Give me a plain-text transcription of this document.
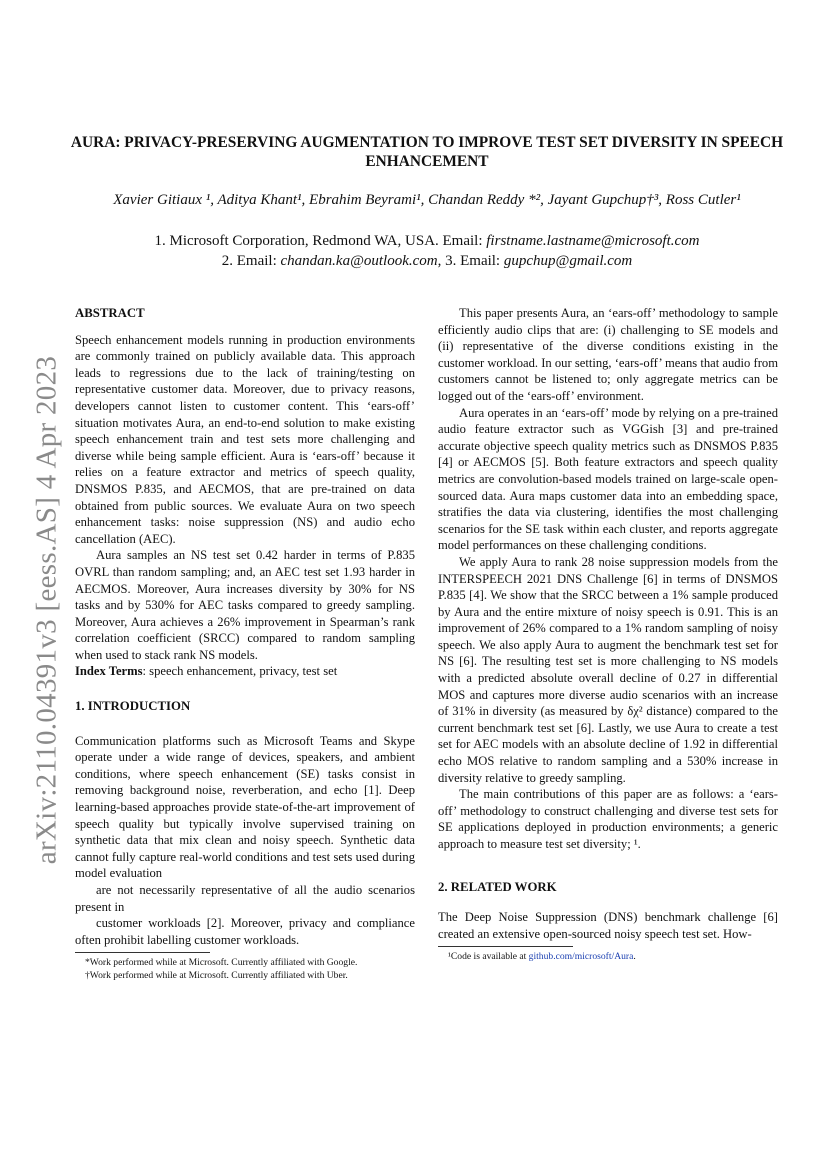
arXiv:2110.04391v3 [eess.AS] 4 Apr 2023
AURA: PRIVACY-PRESERVING AUGMENTATION TO IMPROVE TEST SET DIVERSITY IN SPEECH ENHANCEMENT
Xavier Gitiaux ¹, Aditya Khant¹, Ebrahim Beyrami¹, Chandan Reddy *², Jayant Gupchup†³, Ross Cutler¹
1. Microsoft Corporation, Redmond WA, USA. Email: firstname.lastname@microsoft.com
2. Email: chandan.ka@outlook.com, 3. Email: gupchup@gmail.com

ABSTRACT

Speech enhancement models running in production environments are commonly trained on publicly available data. This approach leads to regressions due to the lack of training/testing on representative customer data. Moreover, due to privacy reasons, developers cannot listen to customer content. This ‘ears-off’ situation motivates Aura, an end-to-end solution to make existing speech enhancement train and test sets more challenging and diverse while being sample efficient. Aura is ‘ears-off’ because it relies on a feature extractor and metrics of speech quality, DNSMOS P.835, and AECMOS, that are pre-trained on data obtained from public sources. We evaluate Aura on two speech enhancement tasks: noise suppression (NS) and audio echo cancellation (AEC).

Aura samples an NS test set 0.42 harder in terms of P.835 OVRL than random sampling; and, an AEC test set 1.93 harder in AECMOS. Moreover, Aura increases diversity by 30% for NS tasks and by 530% for AEC tasks compared to greedy sampling. Moreover, Aura achieves a 26% improvement in Spearman’s rank correlation coefficient (SRCC) compared to random sampling when used to stack rank NS models.

Index Terms: speech enhancement, privacy, test set

1. INTRODUCTION

Communication platforms such as Microsoft Teams and Skype operate under a wide range of devices, speakers, and ambient conditions, where speech enhancement (SE) tasks consist in removing background noise, reverberation, and echo [1]. Deep learning-based approaches provide state-of-the-art improvement of speech quality but typically involve supervised training on synthetic data that mix clean and noisy speech. Synthetic data cannot fully capture real-world conditions and test sets used during model evaluation

are not necessarily representative of all the audio scenarios present in

customer workloads [2]. Moreover, privacy and compliance often prohibit labelling customer workloads.

*Work performed while at Microsoft. Currently affiliated with Google.

†Work performed while at Microsoft. Currently affiliated with Uber.

This paper presents Aura, an ‘ears-off’ methodology to sample efficiently audio clips that are: (i) challenging to SE models and (ii) representative of the diverse conditions existing in the customer workload. In our setting, ‘ears-off’ means that audio from customers cannot be listened to; only aggregate metrics can be logged out of the ‘ears-off’ environment.

Aura operates in an ‘ears-off’ mode by relying on a pre-trained audio feature extractor such as VGGish [3] and pre-trained accurate objective speech quality metrics such as DNSMOS P.835 [4] or AECMOS [5]. Both feature extractors and speech quality metrics are convolution-based models trained on large-scale open-sourced data. Aura maps customer data into an embedding space, stratifies the data via clustering, identifies the most challenging scenarios for the SE task within each cluster, and reports aggregate model performances on these challenging conditions.

We apply Aura to rank 28 noise suppression models from the INTERSPEECH 2021 DNS Challenge [6] in terms of DNSMOS P.835 [4]. We show that the SRCC between a 1% sample produced by Aura and the entire mixture of noisy speech is 0.91. This is an improvement of 26% compared to a 1% random sampling of noisy speech. We also apply Aura to augment the benchmark test set for NS [6]. The resulting test set is more challenging to NS models with a predicted absolute overall decline of 0.27 in differential MOS and captures more diverse audio scenarios with an increase of 31% in diversity (as measured by δχ² distance) compared to the current benchmark test set [6]. Lastly, we use Aura to create a test set for AEC models with an absolute decline of 1.92 in differential echo MOS relative to random sampling and a 530% increase in diversity relative to greedy sampling.

The main contributions of this paper are as follows: a ‘ears-off’ methodology to construct challenging and diverse test sets for SE applications deployed in production environments; a generic approach to measure test set diversity; ¹.

2. RELATED WORK

The Deep Noise Suppression (DNS) benchmark challenge [6] created an extensive open-sourced noisy speech test set. How-

¹Code is available at github.com/microsoft/Aura.
